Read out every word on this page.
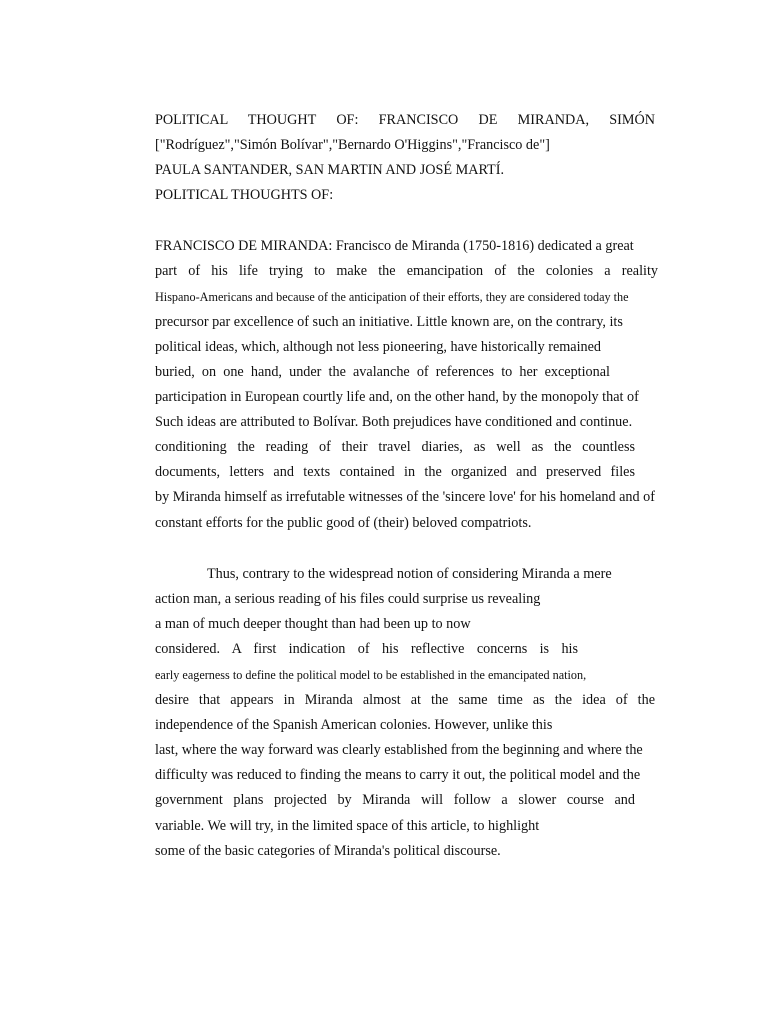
POLITICAL THOUGHT OF: FRANCISCO DE MIRANDA, SIMÓN
["Rodríguez","Simón Bolívar","Bernardo O'Higgins","Francisco de"]
PAULA SANTANDER, SAN MARTIN AND JOSÉ MARTÍ.
POLITICAL THOUGHTS OF:
FRANCISCO DE MIRANDA: Francisco de Miranda (1750-1816) dedicated a great
part of his life trying to make the emancipation of the colonies a reality
Hispano-Americans and because of the anticipation of their efforts, they are considered today the
precursor par excellence of such an initiative. Little known are, on the contrary, its
political ideas, which, although not less pioneering, have historically remained
buried, on one hand, under the avalanche of references to her exceptional
participation in European courtly life and, on the other hand, by the monopoly that of
Such ideas are attributed to Bolívar. Both prejudices have conditioned and continue.
conditioning the reading of their travel diaries, as well as the countless
documents, letters and texts contained in the organized and preserved files
by Miranda himself as irrefutable witnesses of the 'sincere love' for his homeland and of
constant efforts for the public good of (their) beloved compatriots.
Thus, contrary to the widespread notion of considering Miranda a mere
action man, a serious reading of his files could surprise us revealing
a man of much deeper thought than had been up to now
considered. A first indication of his reflective concerns is his
early eagerness to define the political model to be established in the emancipated nation,
desire that appears in Miranda almost at the same time as the idea of the
independence of the Spanish American colonies. However, unlike this
last, where the way forward was clearly established from the beginning and where the
difficulty was reduced to finding the means to carry it out, the political model and the
government plans projected by Miranda will follow a slower course and
variable. We will try, in the limited space of this article, to highlight
some of the basic categories of Miranda's political discourse.
